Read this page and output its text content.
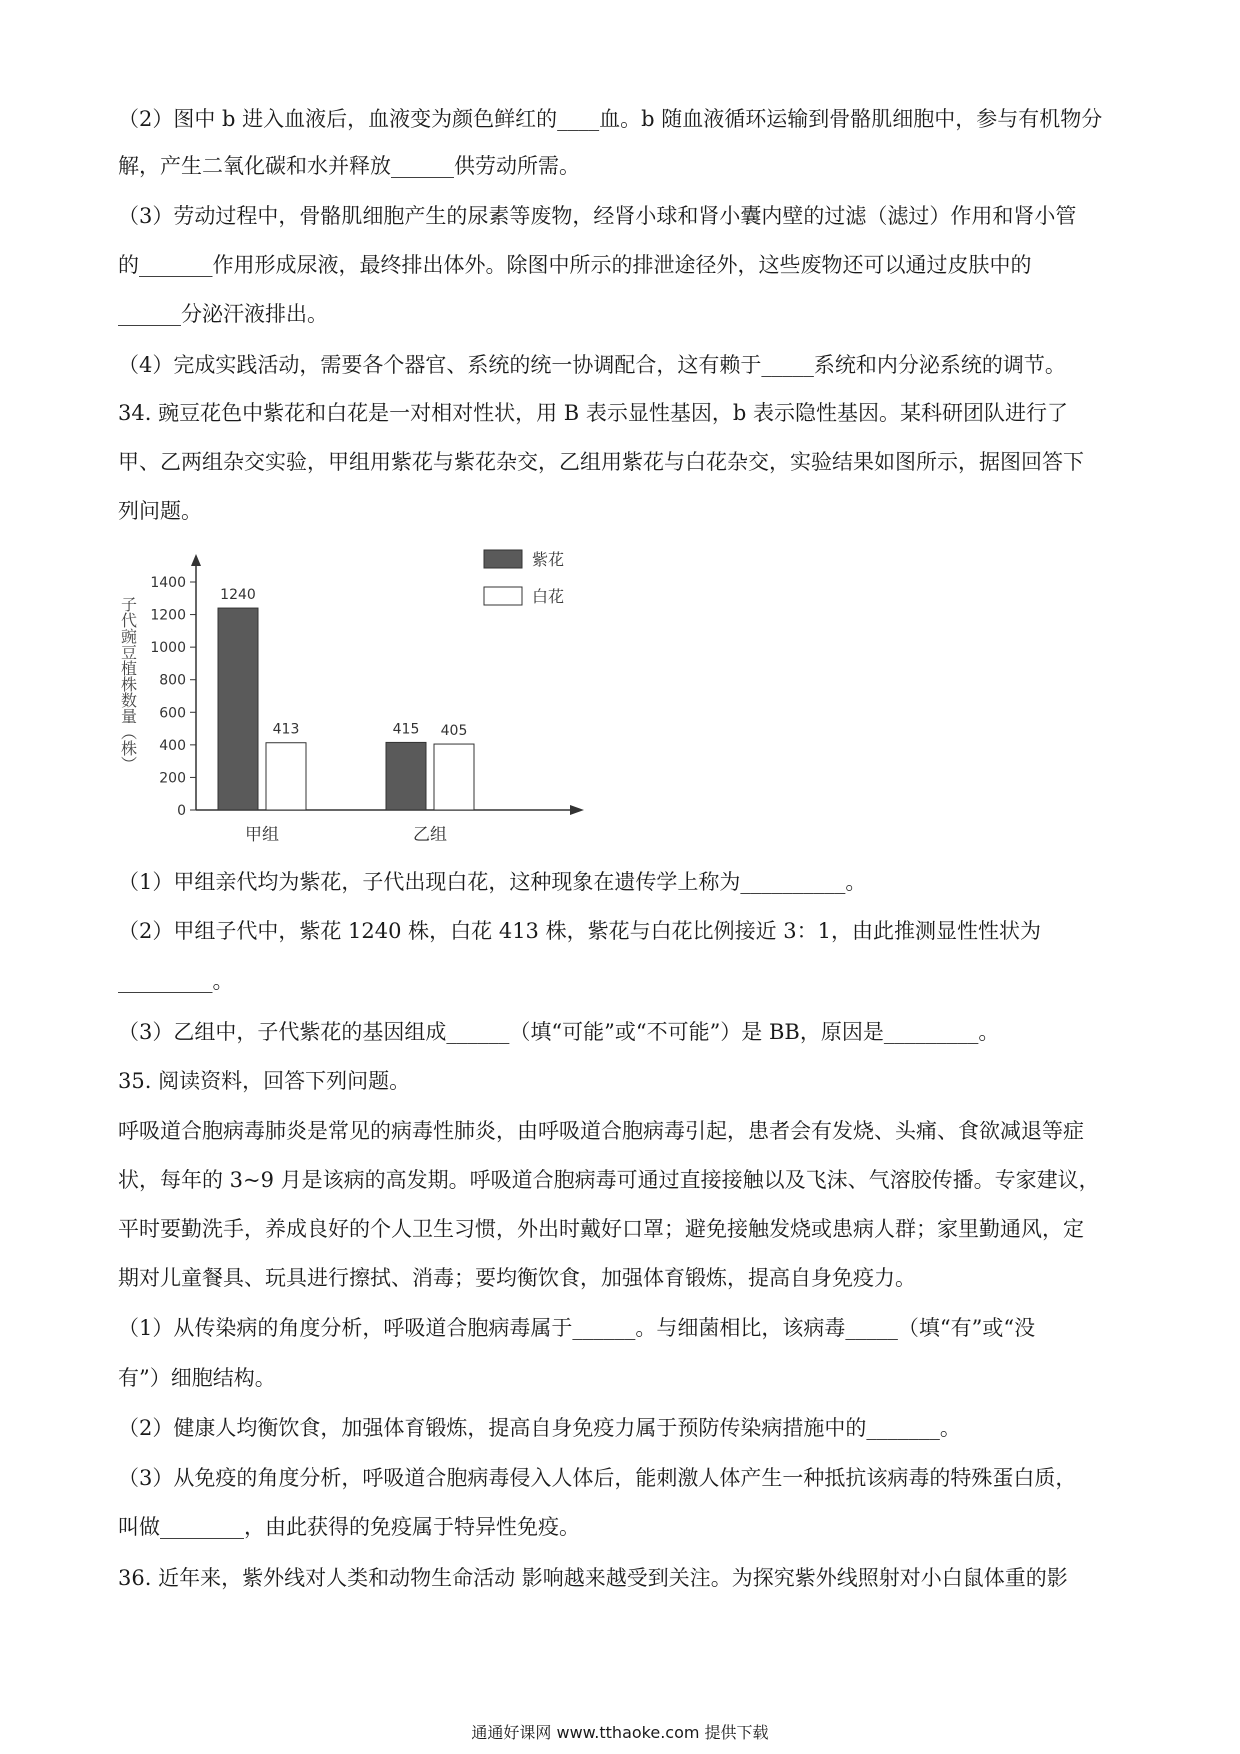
（2）图中 b 进入血液后，血液变为颜色鲜红的____血。b 随血液循环运输到骨骼肌细胞中，参与有机物分
解，产生二氧化碳和水并释放______供劳动所需。
（3）劳动过程中，骨骼肌细胞产生的尿素等废物，经肾小球和肾小囊内壁的过滤（滤过）作用和肾小管
的_______作用形成尿液，最终排出体外。除图中所示的排泄途径外，这些废物还可以通过皮肤中的
______分泌汗液排出。
（4）完成实践活动，需要各个器官、系统的统一协调配合，这有赖于_____系统和内分泌系统的调节。
34. 豌豆花色中紫花和白花是一对相对性状，用 B 表示显性基因，b 表示隐性基因。某科研团队进行了
甲、乙两组杂交实验，甲组用紫花与紫花杂交，乙组用紫花与白花杂交，实验结果如图所示，据图回答下
列问题。
0
200
400
600
800
1000
1200
1400
1240
413	415 405
甲组	乙组
紫花
白花
子代豌豆植株数量（株）
（1）甲组亲代均为紫花，子代出现白花，这种现象在遗传学上称为__________。
（2）甲组子代中，紫花 1240 株，白花 413 株，紫花与白花比例接近 3：1，由此推测显性性状为
_________。
（3）乙组中，子代紫花的基因组成______（填“可能”或“不可能”）是 BB，原因是_________。
35. 阅读资料，回答下列问题。
呼吸道合胞病毒肺炎是常见的病毒性肺炎，由呼吸道合胞病毒引起，患者会有发烧、头痛、食欲减退等症
状，每年的 3~9 月是该病的高发期。呼吸道合胞病毒可通过直接接触以及飞沫、气溶胶传播。专家建议，
平时要勤洗手，养成良好的个人卫生习惯，外出时戴好口罩；避免接触发烧或患病人群；家里勤通风，定
期对儿童餐具、玩具进行擦拭、消毒；要均衡饮食，加强体育锻炼，提高自身免疫力。
（1）从传染病的角度分析，呼吸道合胞病毒属于______。与细菌相比，该病毒_____（填“有”或“没
有”）细胞结构。
（2）健康人均衡饮食，加强体育锻炼，提高自身免疫力属于预防传染病措施中的_______。
（3）从免疫的角度分析，呼吸道合胞病毒侵入人体后，能刺激人体产生一种抵抗该病毒的特殊蛋白质，
叫做________，由此获得的免疫属于特异性免疫。
36. 近年来，紫外线对人类和动物生命活动 影响越来越受到关注。为探究紫外线照射对小白鼠体重的影
通通好课网 www.tthaoke.com 提供下载
